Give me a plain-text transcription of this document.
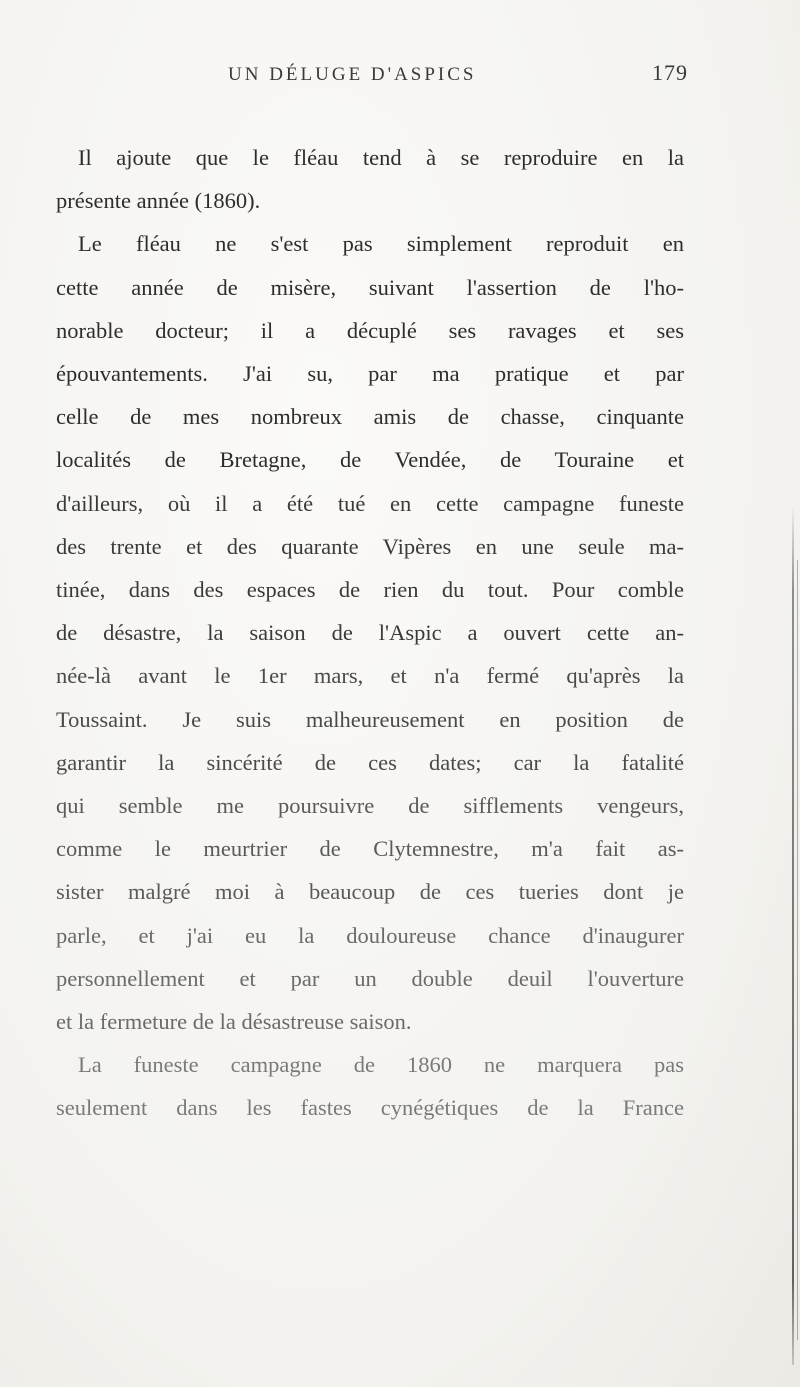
UN DÉLUGE D'ASPICS	179
Il ajoute que le fléau tend à se reproduire en la
présente année (1860).
Le fléau ne s'est pas simplement reproduit en
cette année de misère, suivant l'assertion de l'ho-
norable docteur; il a décuplé ses ravages et ses
épouvantements. J'ai su, par ma pratique et par
celle de mes nombreux amis de chasse, cinquante
localités de Bretagne, de Vendée, de Touraine et
d'ailleurs, où il a été tué en cette campagne funeste
des trente et des quarante Vipères en une seule ma-
tinée, dans des espaces de rien du tout. Pour comble
de désastre, la saison de l'Aspic a ouvert cette an-
née-là avant le 1er mars, et n'a fermé qu'après la
Toussaint. Je suis malheureusement en position de
garantir la sincérité de ces dates; car la fatalité
qui semble me poursuivre de sifflements vengeurs,
comme le meurtrier de Clytemnestre, m'a fait as-
sister malgré moi à beaucoup de ces tueries dont je
parle, et j'ai eu la douloureuse chance d'inaugurer
personnellement et par un double deuil l'ouverture
et la fermeture de la désastreuse saison.
La funeste campagne de 1860 ne marquera pas
seulement dans les fastes cynégétiques de la France
